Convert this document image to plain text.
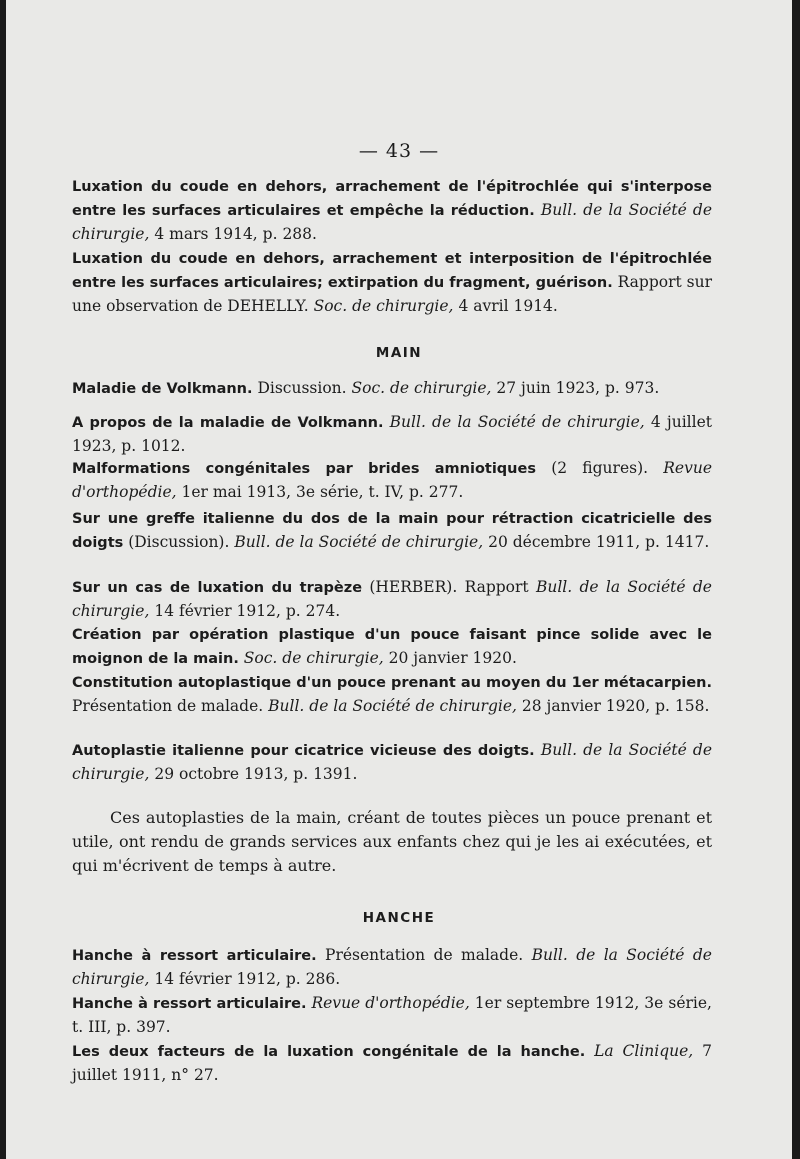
— 43 —
Luxation du coude en dehors, arrachement de l'épitrochlée qui s'interpose entre les surfaces articulaires et empêche la réduction. Bull. de la Société de chirurgie, 4 mars 1914, p. 288.
Luxation du coude en dehors, arrachement et interposition de l'épitrochlée entre les surfaces articulaires; extirpation du fragment, guérison. Rapport sur une observation de DEHELLY. Soc. de chirurgie, 4 avril 1914.
MAIN
Maladie de Volkmann. Discussion. Soc. de chirurgie, 27 juin 1923, p. 973.
A propos de la maladie de Volkmann. Bull. de la Société de chirurgie, 4 juillet 1923, p. 1012.
Malformations congénitales par brides amniotiques (2 figures). Revue d'orthopédie, 1er mai 1913, 3e série, t. IV, p. 277.
Sur une greffe italienne du dos de la main pour rétraction cicatricielle des doigts (Discussion). Bull. de la Société de chirurgie, 20 décembre 1911, p. 1417.
Sur un cas de luxation du trapèze (HERBER). Rapport Bull. de la Société de chirurgie, 14 février 1912, p. 274.
Création par opération plastique d'un pouce faisant pince solide avec le moignon de la main. Soc. de chirurgie, 20 janvier 1920.
Constitution autoplastique d'un pouce prenant au moyen du 1er métacarpien. Présentation de malade. Bull. de la Société de chirurgie, 28 janvier 1920, p. 158.
Autoplastie italienne pour cicatrice vicieuse des doigts. Bull. de la Société de chirurgie, 29 octobre 1913, p. 1391.
Ces autoplasties de la main, créant de toutes pièces un pouce prenant et utile, ont rendu de grands services aux enfants chez qui je les ai exécutées, et qui m'écrivent de temps à autre.
HANCHE
Hanche à ressort articulaire. Présentation de malade. Bull. de la Société de chirurgie, 14 février 1912, p. 286.
Hanche à ressort articulaire. Revue d'orthopédie, 1er septembre 1912, 3e série, t. III, p. 397.
Les deux facteurs de la luxation congénitale de la hanche. La Clinique, 7 juillet 1911, n° 27.
